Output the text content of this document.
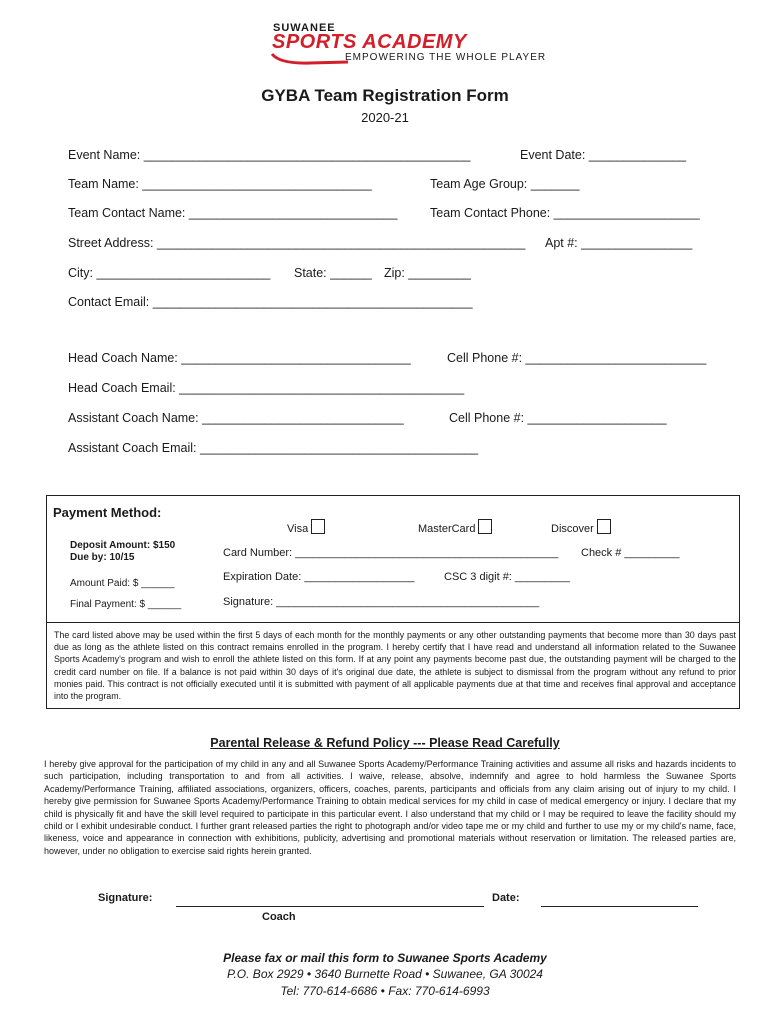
SUWANEE
SPORTS ACADEMY
EMPOWERING THE WHOLE PLAYER
GYBA Team Registration Form
2020-21
Event Name: _______________________________________________	Event Date: ______________
Team Name: _________________________________	Team Age Group: _______
Team Contact Name: ______________________________	Team Contact Phone: _____________________
Street Address: _____________________________________________________ Apt #: ________________
City: _________________________ State: ______ Zip: _________
Contact Email: ______________________________________________
Head Coach Name: _________________________________	Cell Phone #: __________________________
Head Coach Email: _________________________________________
Assistant Coach Name: _____________________________	Cell Phone #: ____________________
Assistant Coach Email: ________________________________________
Payment Method:
Visa	MasterCard	Discover
Deposit Amount: $150
Due by: 10/15	Card Number: ___________________________________________ Check # _________
Amount Paid: $ ______
Expiration Date: __________________	CSC 3 digit #: _________
Final Payment: $ ______	Signature: ___________________________________________
The card listed above may be used within the first 5 days of each month for the monthly payments or any other outstanding payments that become more than 30 days past due as long as the athlete listed on this contract remains enrolled in the program. I hereby certify that I have read and understand all information related to the Suwanee Sports Academy's program and wish to enroll the athlete listed on this form. If at any point any payments become past due, the outstanding payment will be charged to the credit card number on file. If a balance is not paid within 30 days of it's original due date, the athlete is subject to dismissal from the program without any refund to prior monies paid. This contract is not officially executed until it is submitted with payment of all applicable payments due at that time and receives final approval and acceptance into the program.
Parental Release & Refund Policy --- Please Read Carefully
I hereby give approval for the participation of my child in any and all Suwanee Sports Academy/Performance Training activities and assume all risks and hazards incidents to such participation, including transportation to and from all activities. I waive, release, absolve, indemnify and agree to hold harmless the Suwanee Sports Academy/Performance Training, affiliated associations, organizers, officers, coaches, parents, participants and officials from any claim arising out of injury to my child. I hereby give permission for Suwanee Sports Academy/Performance Training to obtain medical services for my child in case of medical emergency or injury. I declare that my child is physically fit and have the skill level required to participate in this particular event. I also understand that my child or I may be required to leave the facility should my child or I exhibit undesirable conduct. I further grant released parties the right to photograph and/or video tape me or my child and further to use my or my child's name, face, likeness, voice and appearance in connection with exhibitions, publicity, advertising and promotional materials without reservation or limitation. The released parties are, however, under no obligation to exercise said rights herein granted.
Signature:	Date:
Coach
Please fax or mail this form to Suwanee Sports Academy
P.O. Box 2929 • 3640 Burnette Road • Suwanee, GA 30024
Tel: 770-614-6686 • Fax: 770-614-6993
